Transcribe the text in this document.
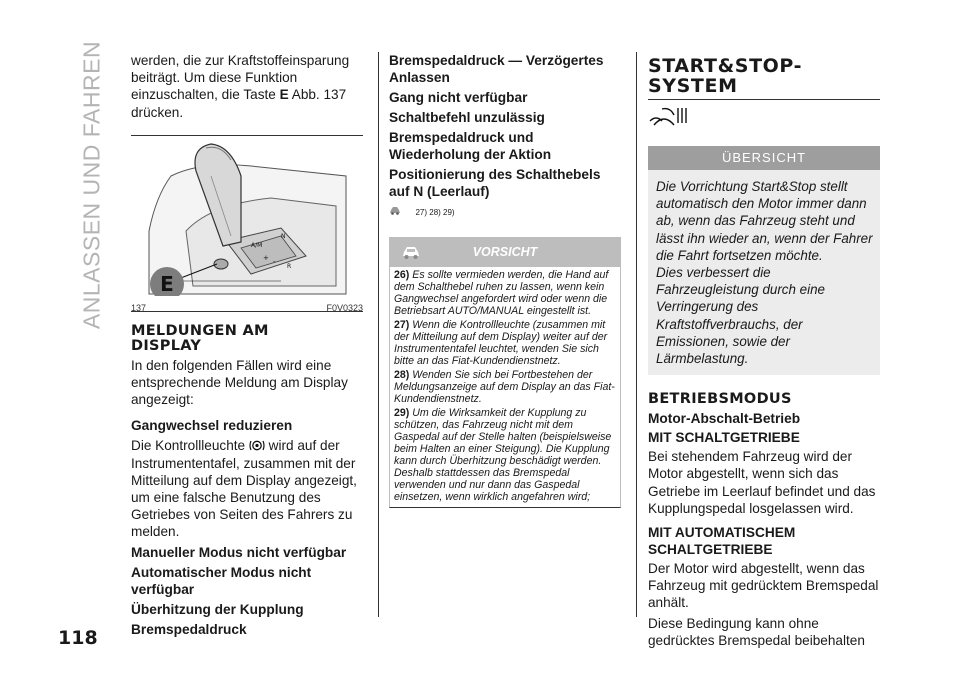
ANLASSEN UND FAHREN werden, die zur Kraftstoffeinsparung beiträgt. Um diese Funktion einzuschalten, die Taste E Abb. 137 drücken.

E
A/M
N
R
+ -
137	F0V0323
MELDUNGEN AM
DISPLAY

In den folgenden Fällen wird eine entsprechende Meldung am Display angezeigt:

Gangwechsel reduzieren

Die Kontrollleuchte wird auf der Instrumententafel, zusammen mit der Mitteilung auf dem Display angezeigt, um eine falsche Benutzung des Getriebes von Seiten des Fahrers zu melden.

Manueller Modus nicht verfügbar
Automatischer Modus nicht verfügbar
Überhitzung der Kupplung
Bremspedaldruck
Bremspedaldruck — Verzögertes Anlassen
Gang nicht verfügbar
Schaltbefehl unzulässig
Bremspedaldruck und Wiederholung der Aktion
Positionierung des Schalthebels auf N (Leerlauf)
27) 28) 29)
VORSICHT
26) Es sollte vermieden werden, die Hand auf dem Schalthebel ruhen zu lassen, wenn kein Gangwechsel angefordert wird oder wenn die Betriebsart AUTO/MANUAL eingestellt ist.
27) Wenn die Kontrollleuchte (zusammen mit der Mitteilung auf dem Display) weiter auf der Instrumententafel leuchtet, wenden Sie sich bitte an das Fiat-Kundendienstnetz.
28) Wenden Sie sich bei Fortbestehen der Meldungsanzeige auf dem Display an das Fiat-Kundendienstnetz.
29) Um die Wirksamkeit der Kupplung zu schützen, das Fahrzeug nicht mit dem Gaspedal auf der Stelle halten (beispielsweise beim Halten an einer Steigung). Die Kupplung kann durch Überhitzung beschädigt werden. Deshalb stattdessen das Bremspedal verwenden und nur dann das Gaspedal einsetzen, wenn wirklich angefahren wird;
START&STOP-
SYSTEM
ÜBERSICHT
Die Vorrichtung Start&Stop stellt automatisch den Motor immer dann ab, wenn das Fahrzeug steht und lässt ihn wieder an, wenn der Fahrer die Fahrt fortsetzen möchte.
Dies verbessert die Fahrzeugleistung durch eine Verringerung des Kraftstoffverbrauchs, der Emissionen, sowie der Lärmbelastung.
BETRIEBSMODUS
Motor-Abschalt-Betrieb
MIT SCHALTGETRIEBE

Bei stehendem Fahrzeug wird der Motor abgestellt, wenn sich das Getriebe im Leerlauf befindet und das Kupplungspedal losgelassen wird.

MIT AUTOMATISCHEM SCHALTGETRIEBE

Der Motor wird abgestellt, wenn das Fahrzeug mit gedrücktem Bremspedal anhält.

Diese Bedingung kann ohne gedrücktes Bremspedal beibehalten

118
